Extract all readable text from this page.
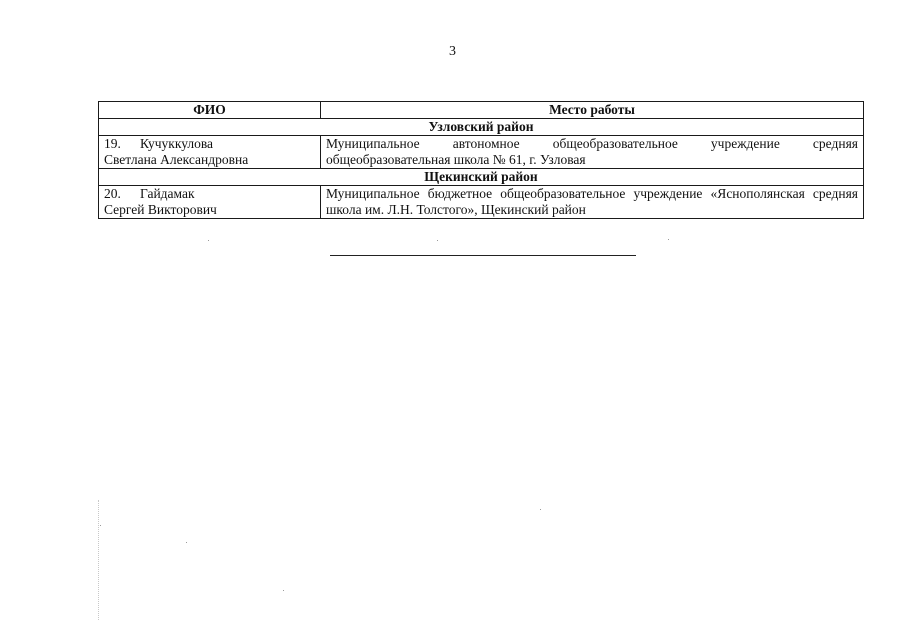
3
ФИО	Место работы
Узловский район	

19. Кучуккулова
Светлана Александровна	Муниципальное автономное общеобразовательное учреждение средняя общеобразовательная школа № 61, г. Узловая
Щекинский район	

20. Гайдамак
Сергей Викторович	Муниципальное бюджетное общеобразовательное учреждение «Яснополянская средняя школа им. Л.Н. Толстого», Щекинский район
